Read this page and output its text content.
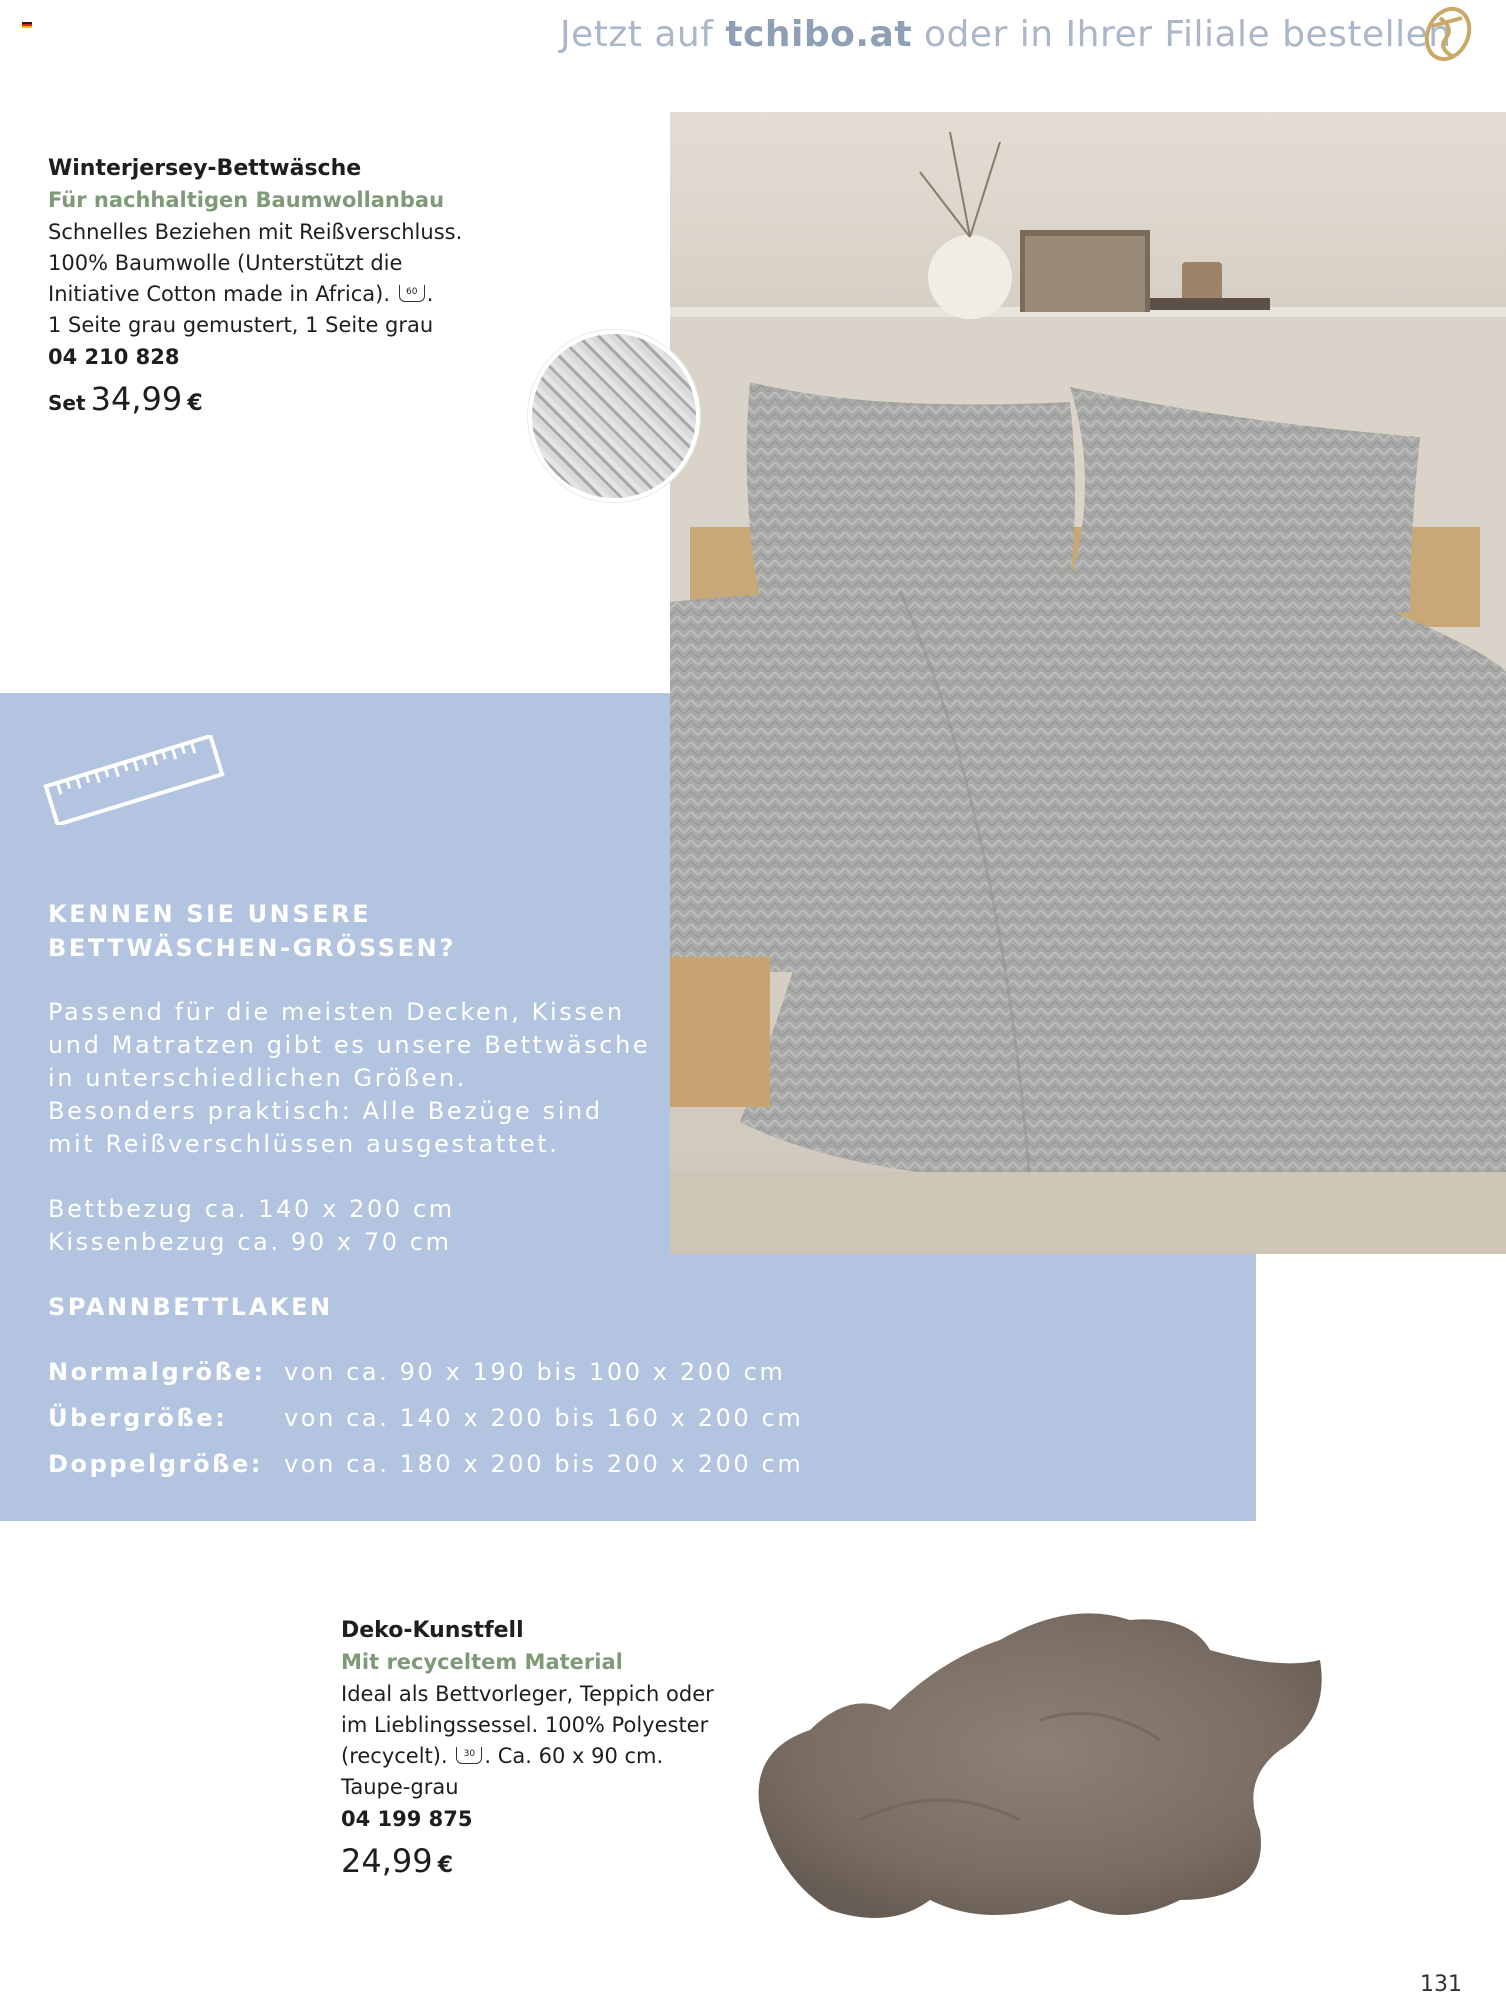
Jetzt auf tchibo.at oder in Ihrer Filiale bestellen
Winterjersey-Bettwäsche
Für nachhaltigen Baumwollanbau
Schnelles Beziehen mit Reißverschluss.
100% Baumwolle (Unterstützt die
Initiative Cotton made in Africa). 60 .
1 Seite grau gemustert, 1 Seite grau
04 210 828
Set 34,99 €
KENNEN SIE UNSERE
BETTWÄSCHEN-GRÖSSEN?
Passend für die meisten Decken, Kissen
und Matratzen gibt es unsere Bettwäsche
in unterschiedlichen Größen.
Besonders praktisch: Alle Bezüge sind
mit Reißverschlüssen ausgestattet.
Bettbezug ca. 140 x 200 cm
Kissenbezug ca. 90 x 70 cm
SPANNBETTLAKEN
Normalgröße: von ca. 90 x 190 bis 100 x 200 cm
Übergröße: von ca. 140 x 200 bis 160 x 200 cm
Doppelgröße: von ca. 180 x 200 bis 200 x 200 cm
Deko-Kunstfell
Mit recyceltem Material
Ideal als Bettvorleger, Teppich oder
im Lieblingssessel. 100% Polyester
(recycelt). 30 . Ca. 60 x 90 cm.
Taupe-grau
04 199 875
24,99 €
131
